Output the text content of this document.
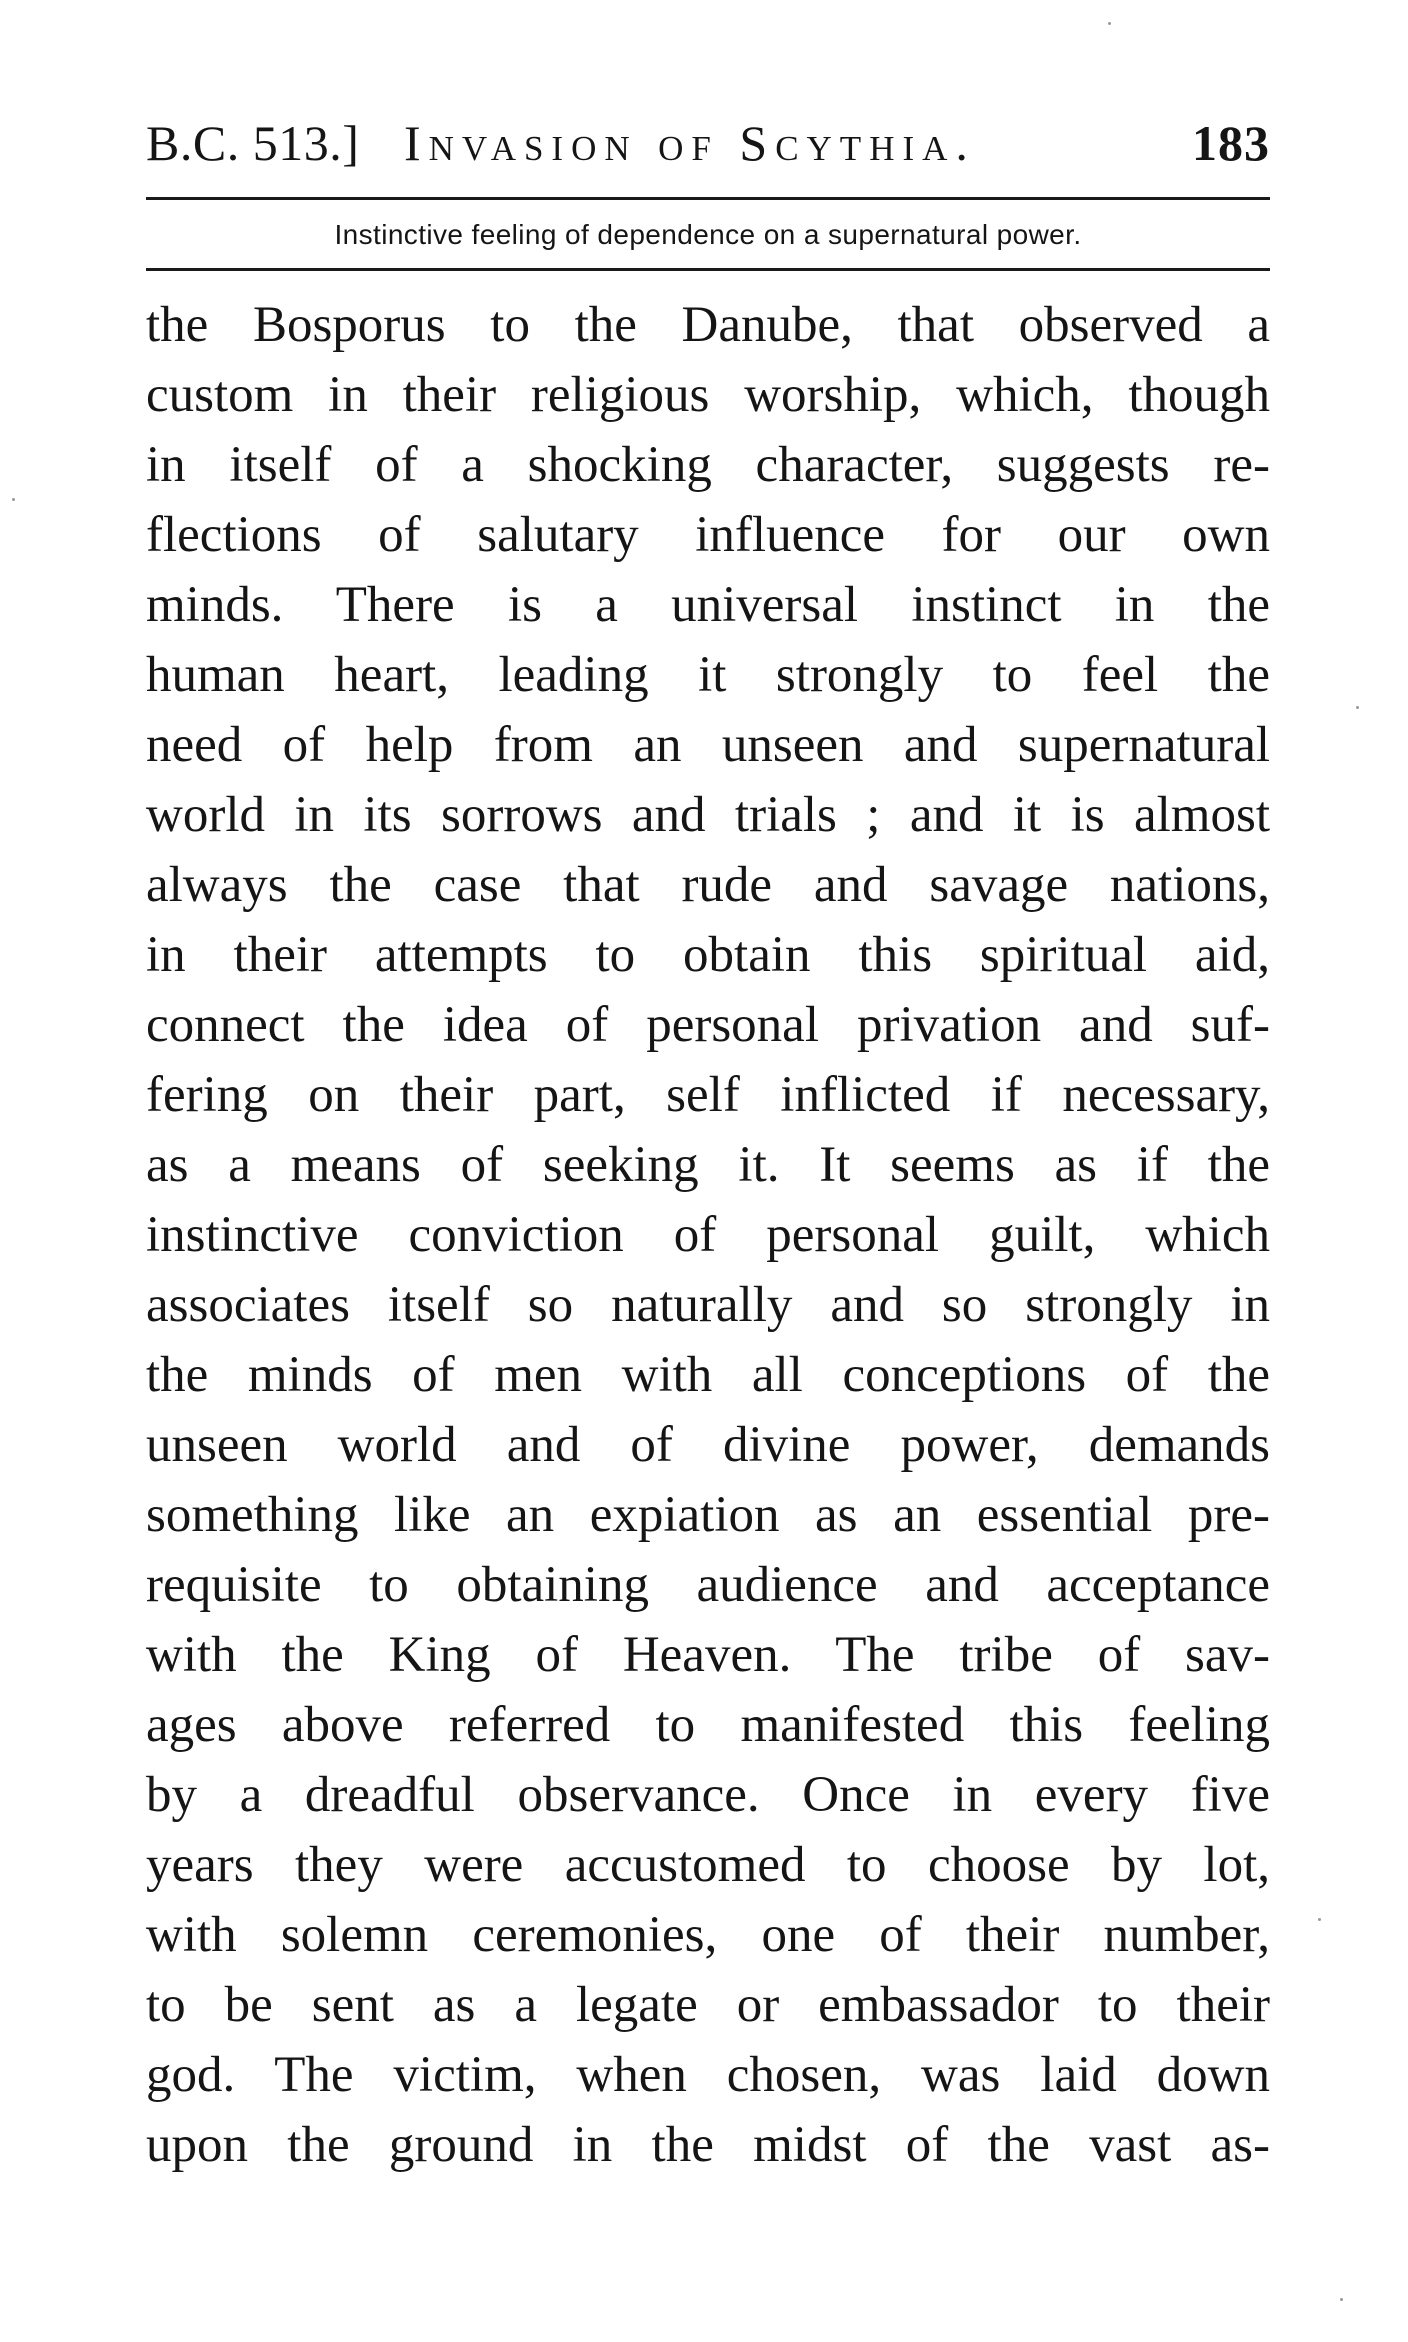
B.C. 513.] Invasion of Scythia.	183
Instinctive feeling of dependence on a supernatural power.
the Bosporus to the Danube, that observed a
custom in their religious worship, which, though
in itself of a shocking character, suggests re-
flections of salutary influence for our own
minds. There is a universal instinct in the
human heart, leading it strongly to feel the
need of help from an unseen and supernatural
world in its sorrows and trials ; and it is almost
always the case that rude and savage nations,
in their attempts to obtain this spiritual aid,
connect the idea of personal privation and suf-
fering on their part, self inflicted if necessary,
as a means of seeking it. It seems as if the
instinctive conviction of personal guilt, which
associates itself so naturally and so strongly in
the minds of men with all conceptions of the
unseen world and of divine power, demands
something like an expiation as an essential pre-
requisite to obtaining audience and acceptance
with the King of Heaven. The tribe of sav-
ages above referred to manifested this feeling
by a dreadful observance. Once in every five
years they were accustomed to choose by lot,
with solemn ceremonies, one of their number,
to be sent as a legate or embassador to their
god. The victim, when chosen, was laid down
upon the ground in the midst of the vast as-
